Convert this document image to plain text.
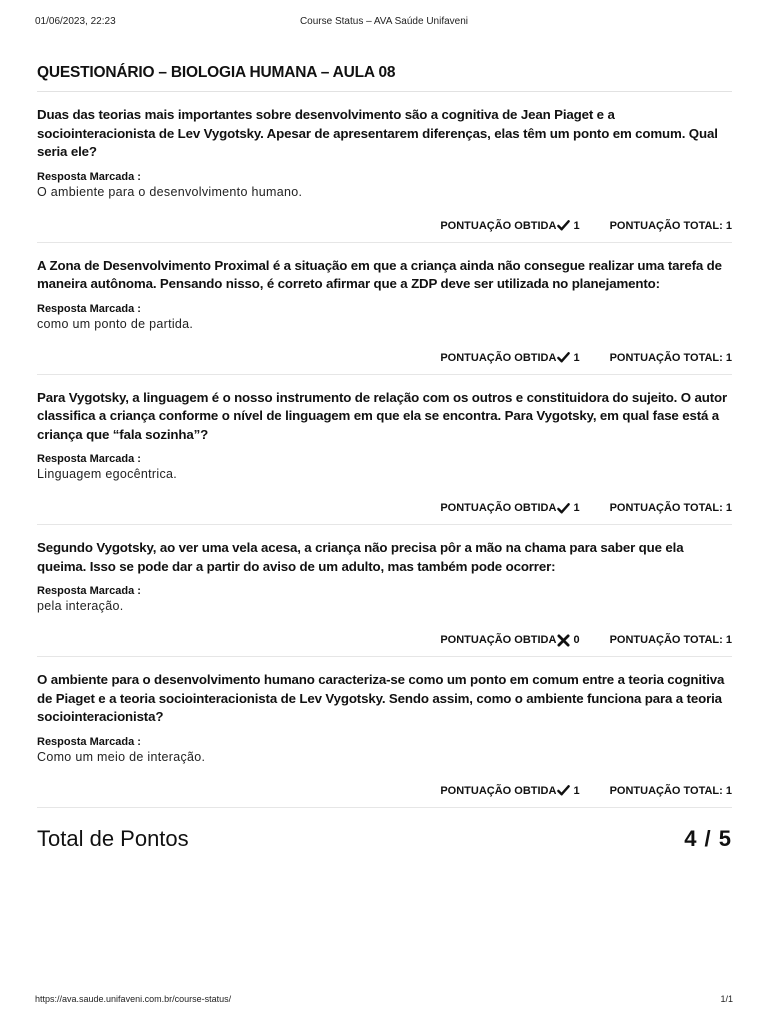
01/06/2023, 22:23	Course Status – AVA Saúde Unifaveni
QUESTIONÁRIO – BIOLOGIA HUMANA – AULA 08

Duas das teorias mais importantes sobre desenvolvimento são a cognitiva de Jean Piaget e a sociointeracionista de Lev Vygotsky. Apesar de apresentarem diferenças, elas têm um ponto em comum. Qual seria ele?

Resposta Marcada :
O ambiente para o desenvolvimento humano.
PONTUAÇÃO OBTIDA 1	PONTUAÇÃO TOTAL: 1

A Zona de Desenvolvimento Proximal é a situação em que a criança ainda não consegue realizar uma tarefa de maneira autônoma. Pensando nisso, é correto afirmar que a ZDP deve ser utilizada no planejamento:

Resposta Marcada :
como um ponto de partida.
PONTUAÇÃO OBTIDA 1	PONTUAÇÃO TOTAL: 1

Para Vygotsky, a linguagem é o nosso instrumento de relação com os outros e constituidora do sujeito. O autor classifica a criança conforme o nível de linguagem em que ela se encontra. Para Vygotsky, em qual fase está a criança que “fala sozinha”?

Resposta Marcada :
Linguagem egocêntrica.
PONTUAÇÃO OBTIDA 1	PONTUAÇÃO TOTAL: 1

Segundo Vygotsky, ao ver uma vela acesa, a criança não precisa pôr a mão na chama para saber que ela queima. Isso se pode dar a partir do aviso de um adulto, mas também pode ocorrer:

Resposta Marcada :
pela interação.
PONTUAÇÃO OBTIDA 0	PONTUAÇÃO TOTAL: 1

O ambiente para o desenvolvimento humano caracteriza-se como um ponto em comum entre a teoria cognitiva de Piaget e a teoria sociointeracionista de Lev Vygotsky. Sendo assim, como o ambiente funciona para a teoria sociointeracionista?

Resposta Marcada :
Como um meio de interação.
PONTUAÇÃO OBTIDA 1	PONTUAÇÃO TOTAL: 1
Total de Pontos	4 / 5
https://ava.saude.unifaveni.com.br/course-status/	1/1
